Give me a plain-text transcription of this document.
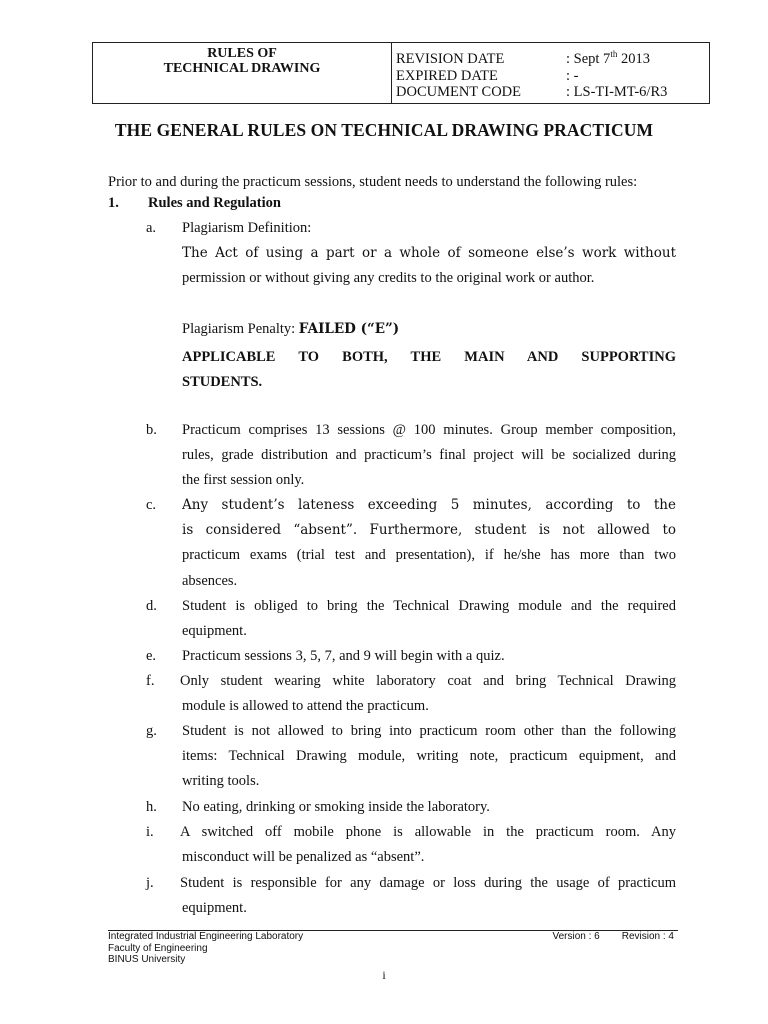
RULES OF
TECHNICAL DRAWING
REVISION DATE	: Sept 7th 2013
EXPIRED DATE	: -
DOCUMENT CODE	: LS-TI-MT-6/R3
THE GENERAL RULES ON TECHNICAL DRAWING PRACTICUM
Prior to and during the practicum sessions, student needs to understand the following rules:
1. Rules and Regulation
a.	Plagiarism Definition:
The Act of using a part or a whole of someone else’s work without
permission or without giving any credits to the original work or author.
Plagiarism Penalty: FAILED (“E”)
APPLICABLE TO BOTH, THE MAIN AND SUPPORTING
STUDENTS.
b.	Practicum comprises 13 sessions @ 100 minutes. Group member composition,
rules, grade distribution and practicum’s final project will be socialized during
the first session only.
c.	Any student’s lateness exceeding 5 minutes, according to the
is considered “absent”. Furthermore, student is not allowed to
practicum exams (trial test and presentation), if he/she has more than two
absences.
d.	Student is obliged to bring the Technical Drawing module and the required
equipment.
e.	Practicum sessions 3, 5, 7, and 9 will begin with a quiz.
f.	Only student wearing white laboratory coat and bring Technical Drawing
module is allowed to attend the practicum.
g.	Student is not allowed to bring into practicum room other than the following
items: Technical Drawing module, writing note, practicum equipment, and
writing tools.
h.	No eating, drinking or smoking inside the laboratory.
i.	A switched off mobile phone is allowable in the practicum room. Any
misconduct will be penalized as “absent”.
j.	Student is responsible for any damage or loss during the usage of practicum
equipment.
Integrated Industrial Engineering Laboratory
Faculty of Engineering
BINUS University
Version : 6 Revision : 4
i
